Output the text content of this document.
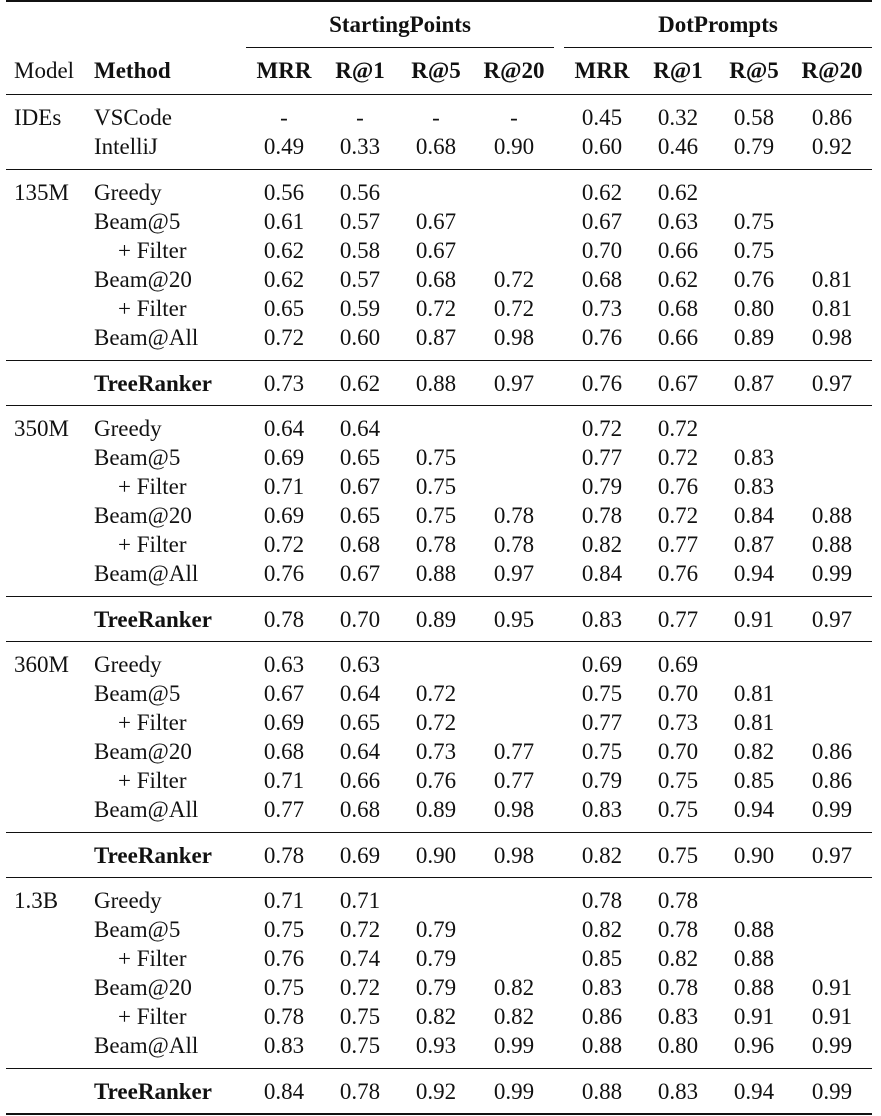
		StartingPoints					DotPrompts			
Model	Method	MRR	R@1	R@5	R@20		MRR	R@1	R@5	R@20

IDEs	VSCode	-	-	-	-		0.45	0.32	0.58	0.86
	IntelliJ	0.49	0.33	0.68	0.90		0.60	0.46	0.79	0.92

135M	Greedy	0.56	0.56				0.62	0.62		
	Beam@5	0.61	0.57	0.67			0.67	0.63	0.75	
	+ Filter	0.62	0.58	0.67			0.70	0.66	0.75	
	Beam@20	0.62	0.57	0.68	0.72		0.68	0.62	0.76	0.81
	+ Filter	0.65	0.59	0.72	0.72		0.73	0.68	0.80	0.81
	Beam@All	0.72	0.60	0.87	0.98		0.76	0.66	0.89	0.98

	TreeRanker	0.73	0.62	0.88	0.97		0.76	0.67	0.87	0.97

350M	Greedy	0.64	0.64				0.72	0.72		
	Beam@5	0.69	0.65	0.75			0.77	0.72	0.83	
	+ Filter	0.71	0.67	0.75			0.79	0.76	0.83	
	Beam@20	0.69	0.65	0.75	0.78		0.78	0.72	0.84	0.88
	+ Filter	0.72	0.68	0.78	0.78		0.82	0.77	0.87	0.88
	Beam@All	0.76	0.67	0.88	0.97		0.84	0.76	0.94	0.99

	TreeRanker	0.78	0.70	0.89	0.95		0.83	0.77	0.91	0.97

360M	Greedy	0.63	0.63				0.69	0.69		
	Beam@5	0.67	0.64	0.72			0.75	0.70	0.81	
	+ Filter	0.69	0.65	0.72			0.77	0.73	0.81	
	Beam@20	0.68	0.64	0.73	0.77		0.75	0.70	0.82	0.86
	+ Filter	0.71	0.66	0.76	0.77		0.79	0.75	0.85	0.86
	Beam@All	0.77	0.68	0.89	0.98		0.83	0.75	0.94	0.99

	TreeRanker	0.78	0.69	0.90	0.98		0.82	0.75	0.90	0.97

1.3B	Greedy	0.71	0.71				0.78	0.78		
	Beam@5	0.75	0.72	0.79			0.82	0.78	0.88	
	+ Filter	0.76	0.74	0.79			0.85	0.82	0.88	
	Beam@20	0.75	0.72	0.79	0.82		0.83	0.78	0.88	0.91
	+ Filter	0.78	0.75	0.82	0.82		0.86	0.83	0.91	0.91
	Beam@All	0.83	0.75	0.93	0.99		0.88	0.80	0.96	0.99

	TreeRanker	0.84	0.78	0.92	0.99		0.88	0.83	0.94	0.99
